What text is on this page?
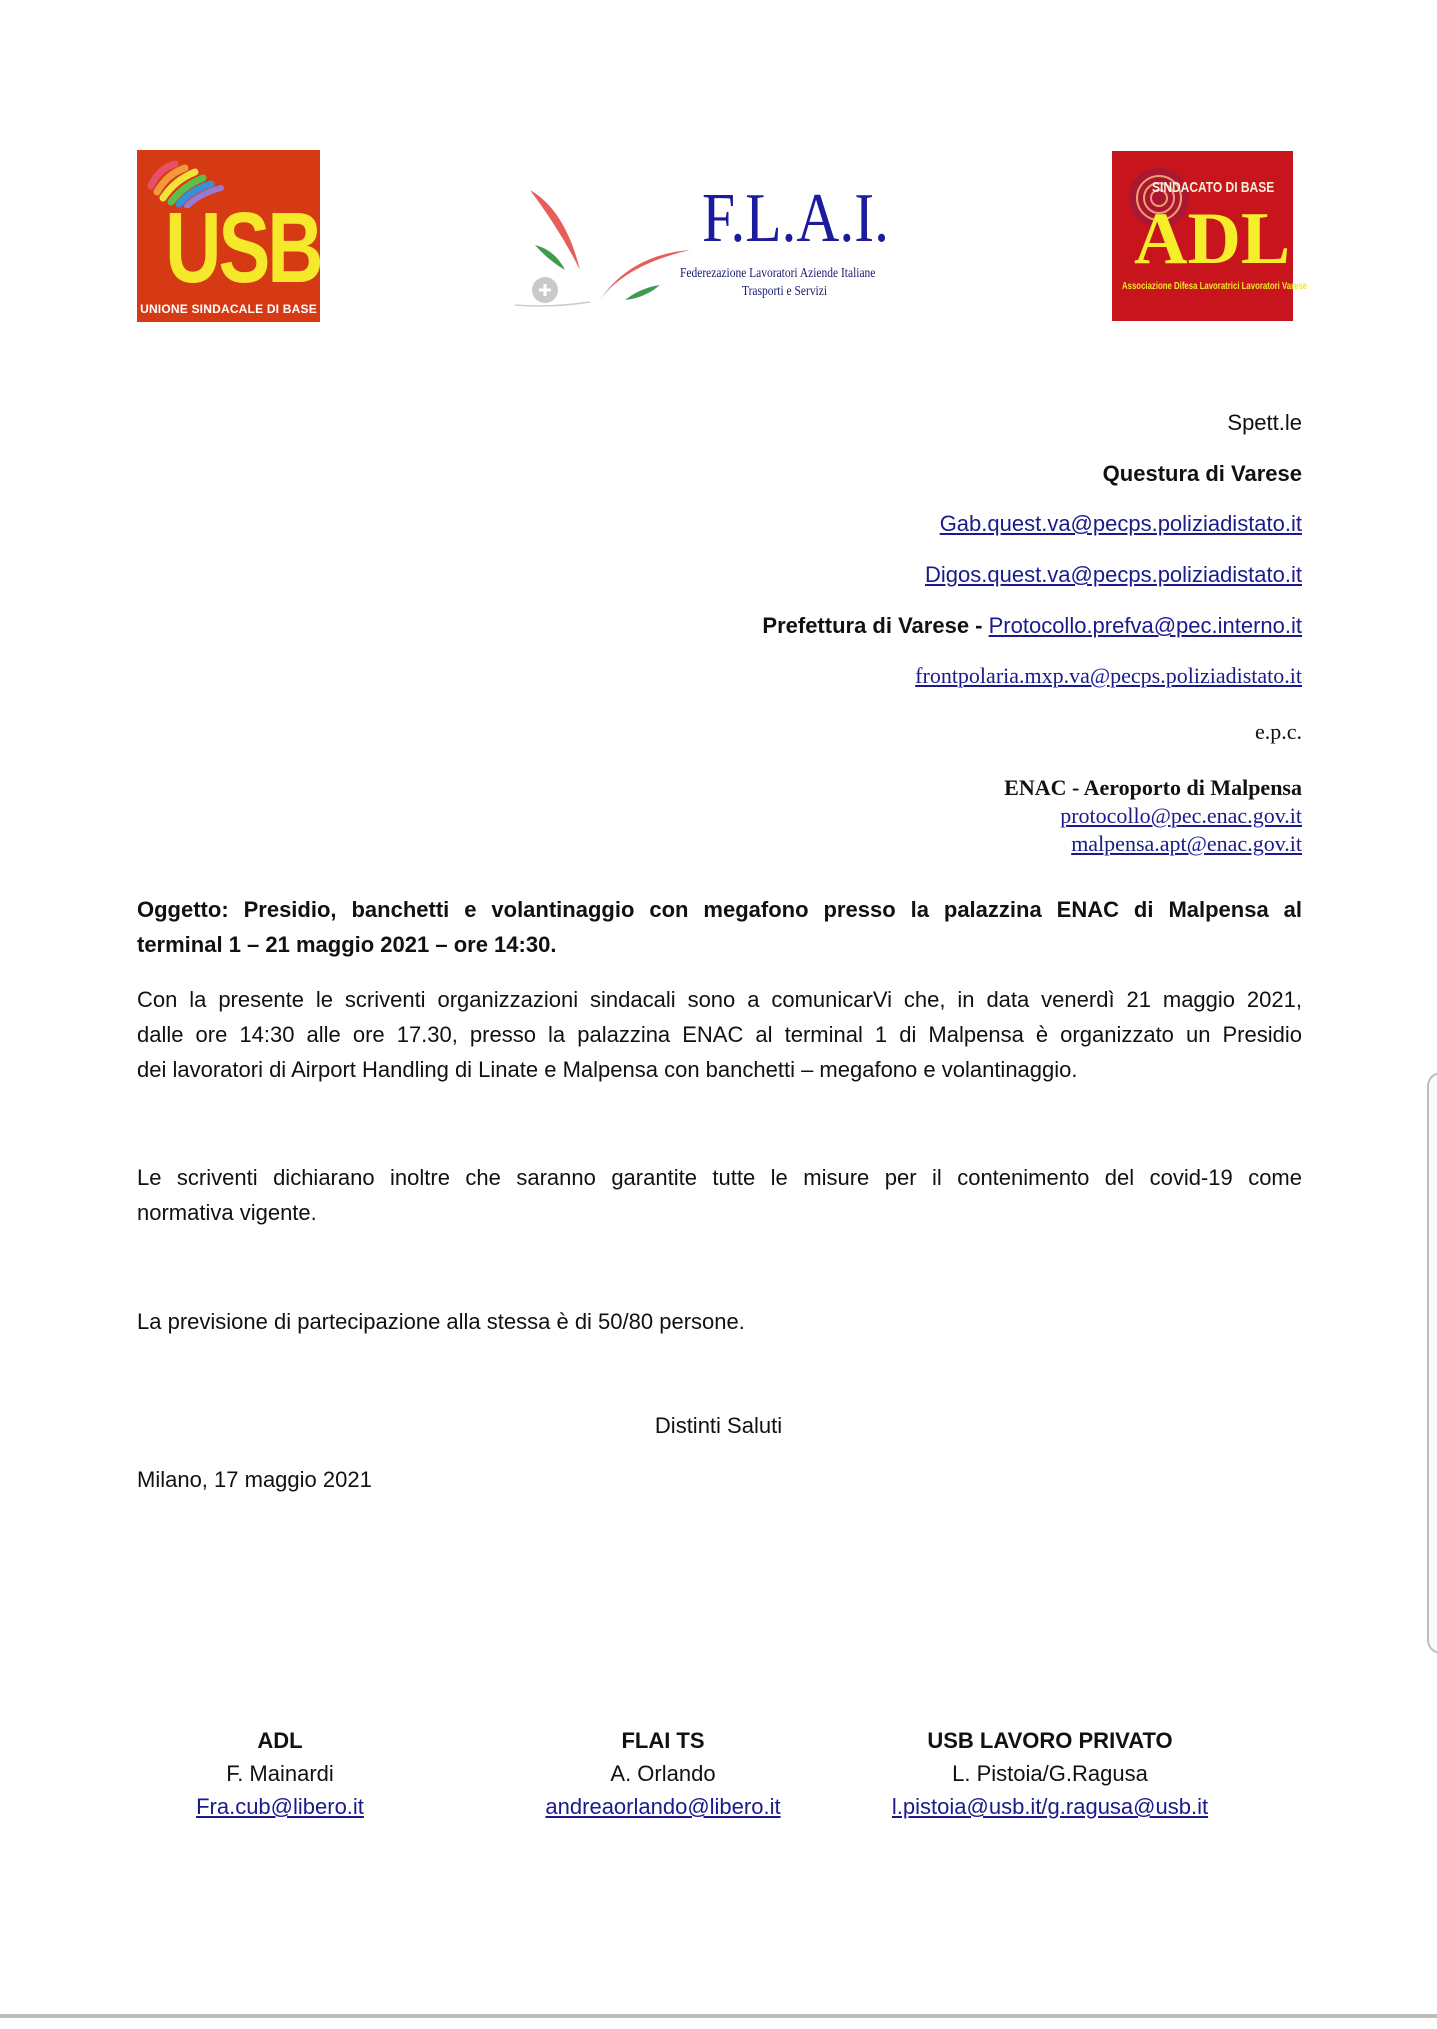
USB
UNIONE SINDACALE DI BASE
F.L.A.I.
Federezazione Lavoratori Aziende Italiane
Trasporti e Servizi
SINDACATO DI BASE
ADL
Associazione Difesa Lavoratrici Lavoratori Varese
Spett.le
Questura di Varese
Gab.quest.va@pecps.poliziadistato.it
Digos.quest.va@pecps.poliziadistato.it
Prefettura di Varese - Protocollo.prefva@pec.interno.it
frontpolaria.mxp.va@pecps.poliziadistato.it
e.p.c.
ENAC - Aeroporto di Malpensa
protocollo@pec.enac.gov.it
malpensa.apt@enac.gov.it
Oggetto: Presidio, banchetti e volantinaggio con megafono presso la palazzina ENAC di Malpensa al
terminal 1 – 21 maggio 2021 – ore 14:30.
Con la presente le scriventi organizzazioni sindacali sono a comunicarVi che, in data venerdì 21 maggio 2021,
dalle ore 14:30 alle ore 17.30, presso la palazzina ENAC al terminal 1 di Malpensa è organizzato un Presidio
dei lavoratori di Airport Handling di Linate e Malpensa con banchetti – megafono e volantinaggio.
Le scriventi dichiarano inoltre che saranno garantite tutte le misure per il contenimento del covid-19 come
normativa vigente.
La previsione di partecipazione alla stessa è di 50/80 persone.
Distinti Saluti
Milano, 17 maggio 2021
ADL
F. Mainardi
Fra.cub@libero.it
FLAI TS
A. Orlando
andreaorlando@libero.it
USB LAVORO PRIVATO
L. Pistoia/G.Ragusa
l.pistoia@usb.it/g.ragusa@usb.it
